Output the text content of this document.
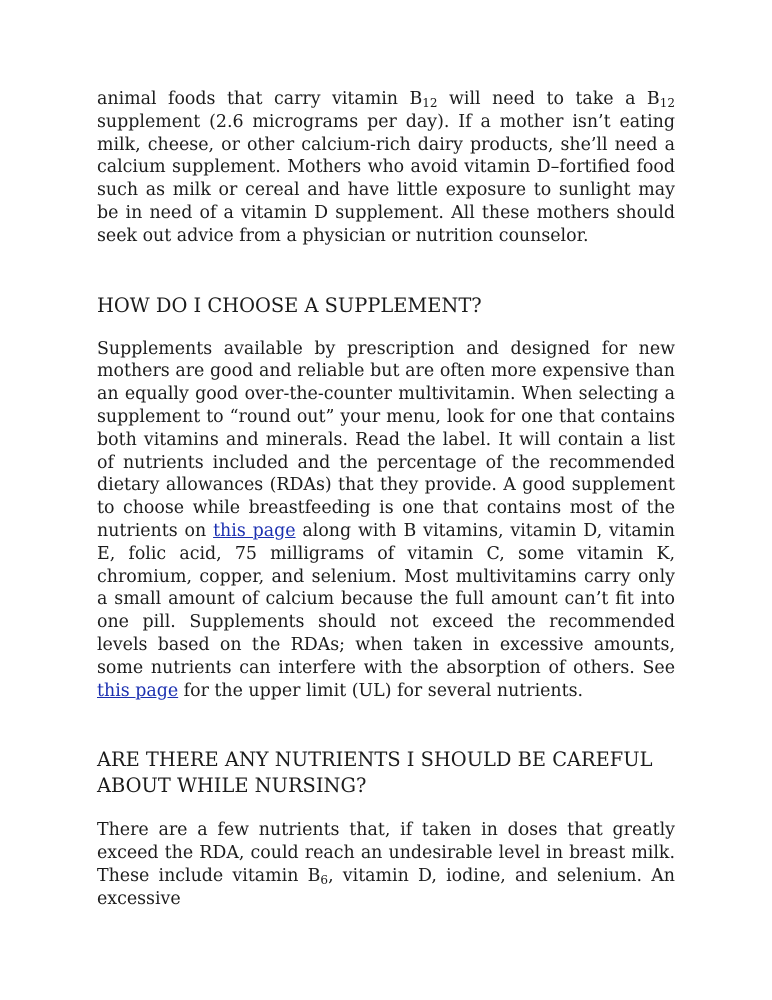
animal foods that carry vitamin $B_{12}$ will need to take a $B_{12}$ supplement (2.6 micrograms per day). If a mother isn’t eating milk, cheese, or other calcium-rich dairy products, she’ll need a calcium supplement. Mothers who avoid vitamin D–fortified food such as milk or cereal and have little exposure to sunlight may be in need of a vitamin D supplement. All these mothers should seek out advice from a physician or nutrition counselor.

HOW DO I CHOOSE A SUPPLEMENT?

Supplements available by prescription and designed for new mothers are good and reliable but are often more expensive than an equally good over-the-counter multivitamin. When selecting a supplement to “round out” your menu, look for one that contains both vitamins and minerals. Read the label. It will contain a list of nutrients included and the percentage of the recommended dietary allowances (RDAs) that they provide. A good supplement to choose while breastfeeding is one that contains most of the nutrients on this page along with B vitamins, vitamin D, vitamin E, folic acid, 75 milligrams of vitamin C, some vitamin K, chromium, copper, and selenium. Most multivitamins carry only a small amount of calcium because the full amount can’t fit into one pill. Supplements should not exceed the recommended levels based on the RDAs; when taken in excessive amounts, some nutrients can interfere with the absorption of others. See this page for the upper limit (UL) for several nutrients.

ARE THERE ANY NUTRIENTS I SHOULD BE CAREFUL ABOUT WHILE NURSING?

There are a few nutrients that, if taken in doses that greatly exceed the RDA, could reach an undesirable level in breast milk. These include vitamin $B_6$, vitamin D, iodine, and selenium. An excessive
